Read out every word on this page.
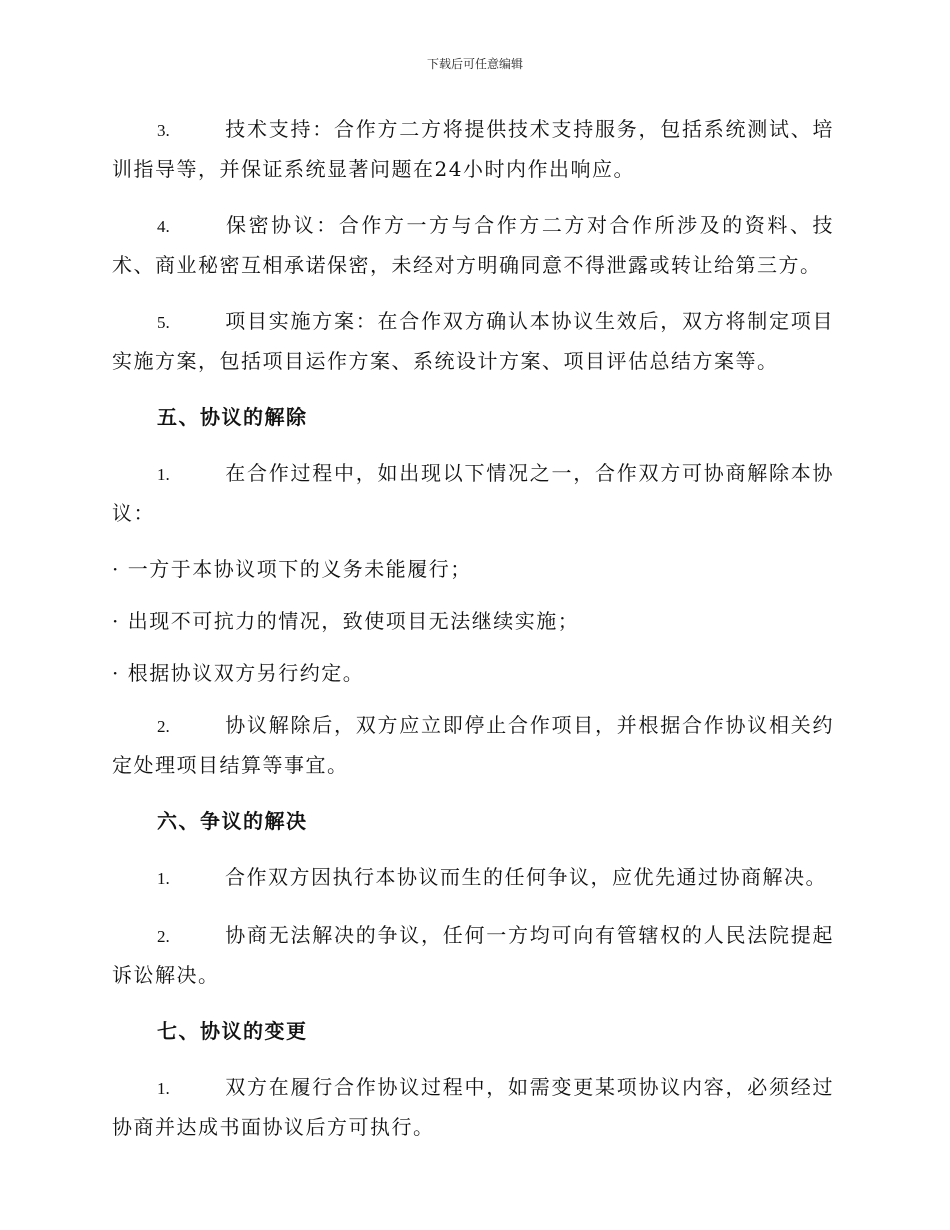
下载后可任意编辑

3.	技术支持：合作方二方将提供技术支持服务，包括系统测试、培训指导等，并保证系统显著问题在24小时内作出响应。

4.	保密协议：合作方一方与合作方二方对合作所涉及的资料、技术、商业秘密互相承诺保密，未经对方明确同意不得泄露或转让给第三方。

5.	项目实施方案：在合作双方确认本协议生效后，双方将制定项目实施方案，包括项目运作方案、系统设计方案、项目评估总结方案等。

五、协议的解除

1.	在合作过程中，如出现以下情况之一，合作双方可协商解除本协议：

· 一方于本协议项下的义务未能履行；
· 出现不可抗力的情况，致使项目无法继续实施；
· 根据协议双方另行约定。

2.	协议解除后，双方应立即停止合作项目，并根据合作协议相关约定处理项目结算等事宜。

六、争议的解决

1.	合作双方因执行本协议而生的任何争议，应优先通过协商解决。

2.	协商无法解决的争议，任何一方均可向有管辖权的人民法院提起诉讼解决。

七、协议的变更

1.	双方在履行合作协议过程中，如需变更某项协议内容，必须经过协商并达成书面协议后方可执行。
